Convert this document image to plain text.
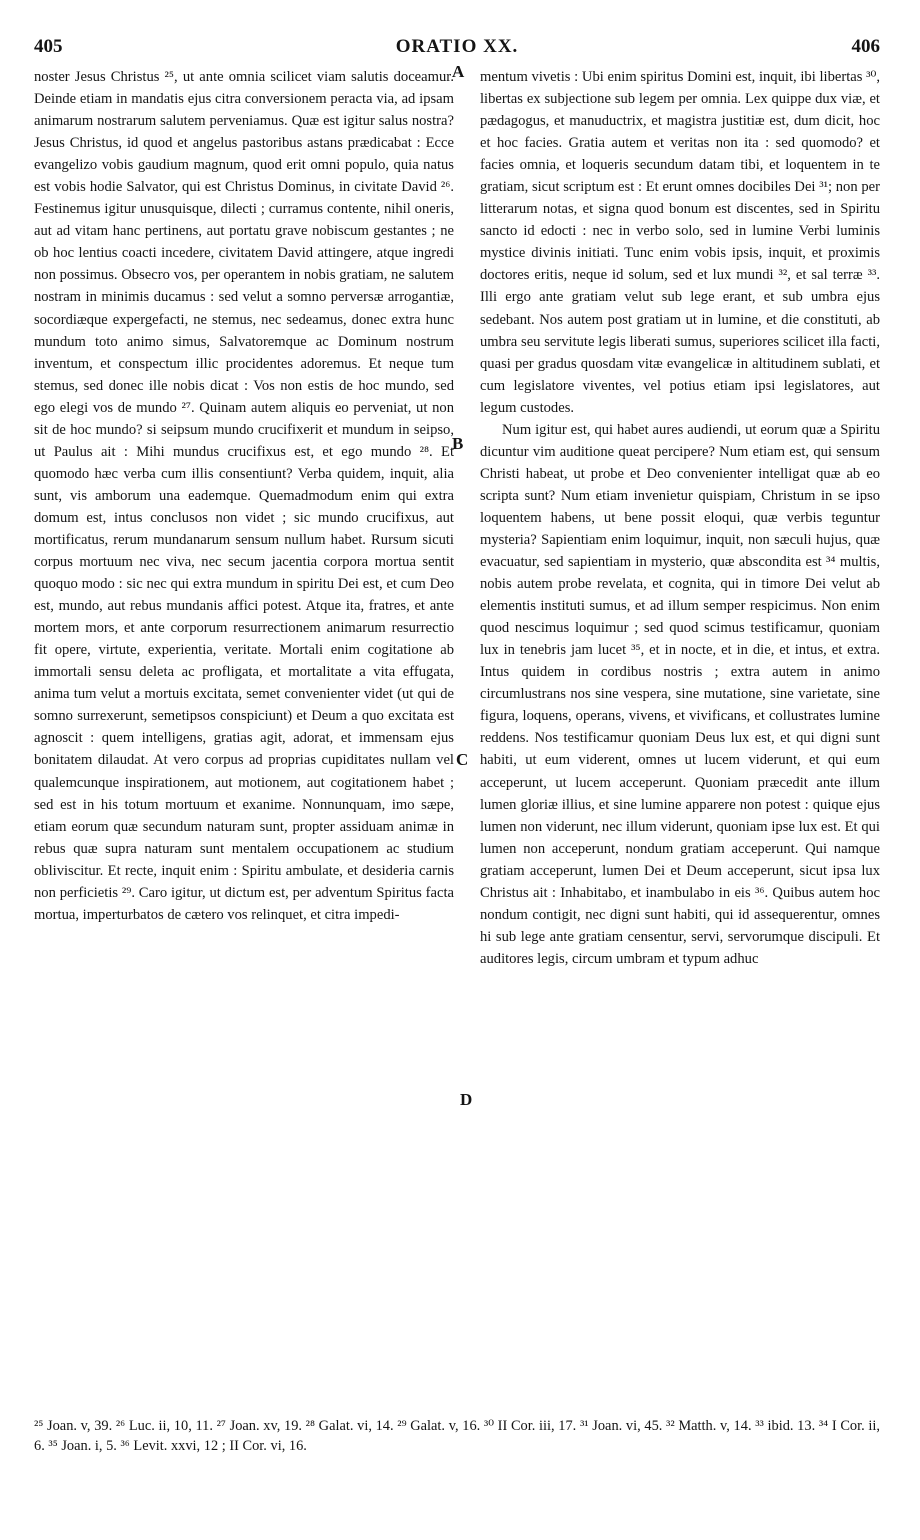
405	ORATIO XX.	406

noster Jesus Christus ²⁵, ut ante omnia scilicet viam salutis doceamur. Deinde etiam in mandatis ejus citra conversionem peracta via, ad ipsam animarum nostrarum salutem perveniamus. Quæ est igitur salus nostra? Jesus Christus, id quod et angelus pastoribus astans prædicabat : Ecce evangelizo vobis gaudium magnum, quod erit omni populo, quia natus est vobis hodie Salvator, qui est Christus Dominus, in civitate David ²⁶. Festinemus igitur unusquisque, dilecti ; curramus contente, nihil oneris, aut ad vitam hanc pertinens, aut portatu grave nobiscum gestantes ; ne ob hoc lentius coacti incedere, civitatem David attingere, atque ingredi non possimus. Obsecro vos, per operantem in nobis gratiam, ne salutem nostram in minimis ducamus : sed velut a somno perversæ arrogantiæ, socordiæque expergefacti, ne stemus, nec sedeamus, donec extra hunc mundum toto animo simus, Salvatoremque ac Dominum nostrum inventum, et conspectum illic procidentes adoremus. Et neque tum stemus, sed donec ille nobis dicat : Vos non estis de hoc mundo, sed ego elegi vos de mundo ²⁷. Quinam autem aliquis eo perveniat, ut non sit de hoc mundo? si seipsum mundo crucifixerit et mundum in seipso, ut Paulus ait : Mihi mundus crucifixus est, et ego mundo ²⁸. Et quomodo hæc verba cum illis consentiunt? Verba quidem, inquit, alia sunt, vis amborum una eademque. Quemadmodum enim qui extra domum est, intus conclusos non videt ; sic mundo crucifixus, aut mortificatus, rerum mundanarum sensum nullum habet. Rursum sicuti corpus mortuum nec viva, nec secum jacentia corpora mortua sentit quoquo modo : sic nec qui extra mundum in spiritu Dei est, et cum Deo est, mundo, aut rebus mundanis affici potest. Atque ita, fratres, et ante mortem mors, et ante corporum resurrectionem animarum resurrectio fit opere, virtute, experientia, veritate. Mortali enim cogitatione ab immortali sensu deleta ac profligata, et mortalitate a vita effugata, anima tum velut a mortuis excitata, semet convenienter videt (ut qui de somno surrexerunt, semetipsos conspiciunt) et Deum a quo excitata est agnoscit : quem intelligens, gratias agit, adorat, et immensam ejus bonitatem dilaudat. At vero corpus ad proprias cupiditates nullam vel qualemcunque inspirationem, aut motionem, aut cogitationem habet ; sed est in his totum mortuum et exanime. Nonnunquam, imo sæpe, etiam eorum quæ secundum naturam sunt, propter assiduam animæ in rebus quæ supra naturam sunt mentalem occupationem ac studium obliviscitur. Et recte, inquit enim : Spiritu ambulate, et desideria carnis non perficietis ²⁹. Caro igitur, ut dictum est, per adventum Spiritus facta mortua, imperturbatos de cætero vos relinquet, et citra impedi-

A
B
C
D

mentum vivetis : Ubi enim spiritus Domini est, inquit, ibi libertas ³⁰, libertas ex subjectione sub legem per omnia. Lex quippe dux viæ, et pædagogus, et manuductrix, et magistra justitiæ est, dum dicit, hoc et hoc facies. Gratia autem et veritas non ita : sed quomodo? et facies omnia, et loqueris secundum datam tibi, et loquentem in te gratiam, sicut scriptum est : Et erunt omnes docibiles Dei ³¹; non per litterarum notas, et signa quod bonum est discentes, sed in Spiritu sancto id edocti : nec in verbo solo, sed in lumine Verbi luminis mystice divinis initiati. Tunc enim vobis ipsis, inquit, et proximis doctores eritis, neque id solum, sed et lux mundi ³², et sal terræ ³³. Illi ergo ante gratiam velut sub lege erant, et sub umbra ejus sedebant. Nos autem post gratiam ut in lumine, et die constituti, ab umbra seu servitute legis liberati sumus, superiores scilicet illa facti, quasi per gradus quosdam vitæ evangelicæ in altitudinem sublati, et cum legislatore viventes, vel potius etiam ipsi legislatores, aut legum custodes.

Num igitur est, qui habet aures audiendi, ut eorum quæ a Spiritu dicuntur vim auditione queat percipere? Num etiam est, qui sensum Christi habeat, ut probe et Deo convenienter intelligat quæ ab eo scripta sunt? Num etiam invenietur quispiam, Christum in se ipso loquentem habens, ut bene possit eloqui, quæ verbis teguntur mysteria? Sapientiam enim loquimur, inquit, non sæculi hujus, quæ evacuatur, sed sapientiam in mysterio, quæ abscondita est ³⁴ multis, nobis autem probe revelata, et cognita, qui in timore Dei velut ab elementis instituti sumus, et ad illum semper respicimus. Non enim quod nescimus loquimur ; sed quod scimus testificamur, quoniam lux in tenebris jam lucet ³⁵, et in nocte, et in die, et intus, et extra. Intus quidem in cordibus nostris ; extra autem in animo circumlustrans nos sine vespera, sine mutatione, sine varietate, sine figura, loquens, operans, vivens, et vivificans, et collustrates lumine reddens. Nos testificamur quoniam Deus lux est, et qui digni sunt habiti, ut eum viderent, omnes ut lucem viderunt, et qui eum acceperunt, ut lucem acceperunt. Quoniam præcedit ante illum lumen gloriæ illius, et sine lumine apparere non potest : quique ejus lumen non viderunt, nec illum viderunt, quoniam ipse lux est. Et qui lumen non acceperunt, nondum gratiam acceperunt. Qui namque gratiam acceperunt, lumen Dei et Deum acceperunt, sicut ipsa lux Christus ait : Inhabitabo, et inambulabo in eis ³⁶. Quibus autem hoc nondum contigit, nec digni sunt habiti, qui id assequerentur, omnes hi sub lege ante gratiam censentur, servi, servorumque discipuli. Et auditores legis, circum umbram et typum adhuc

²⁵ Joan. v, 39. ²⁶ Luc. ii, 10, 11. ²⁷ Joan. xv, 19. ²⁸ Galat. vi, 14. ²⁹ Galat. v, 16. ³⁰ II Cor. iii, 17. ³¹ Joan. vi, 45. ³² Matth. v, 14. ³³ ibid. 13. ³⁴ I Cor. ii, 6. ³⁵ Joan. i, 5. ³⁶ Levit. xxvi, 12 ; II Cor. vi, 16.
